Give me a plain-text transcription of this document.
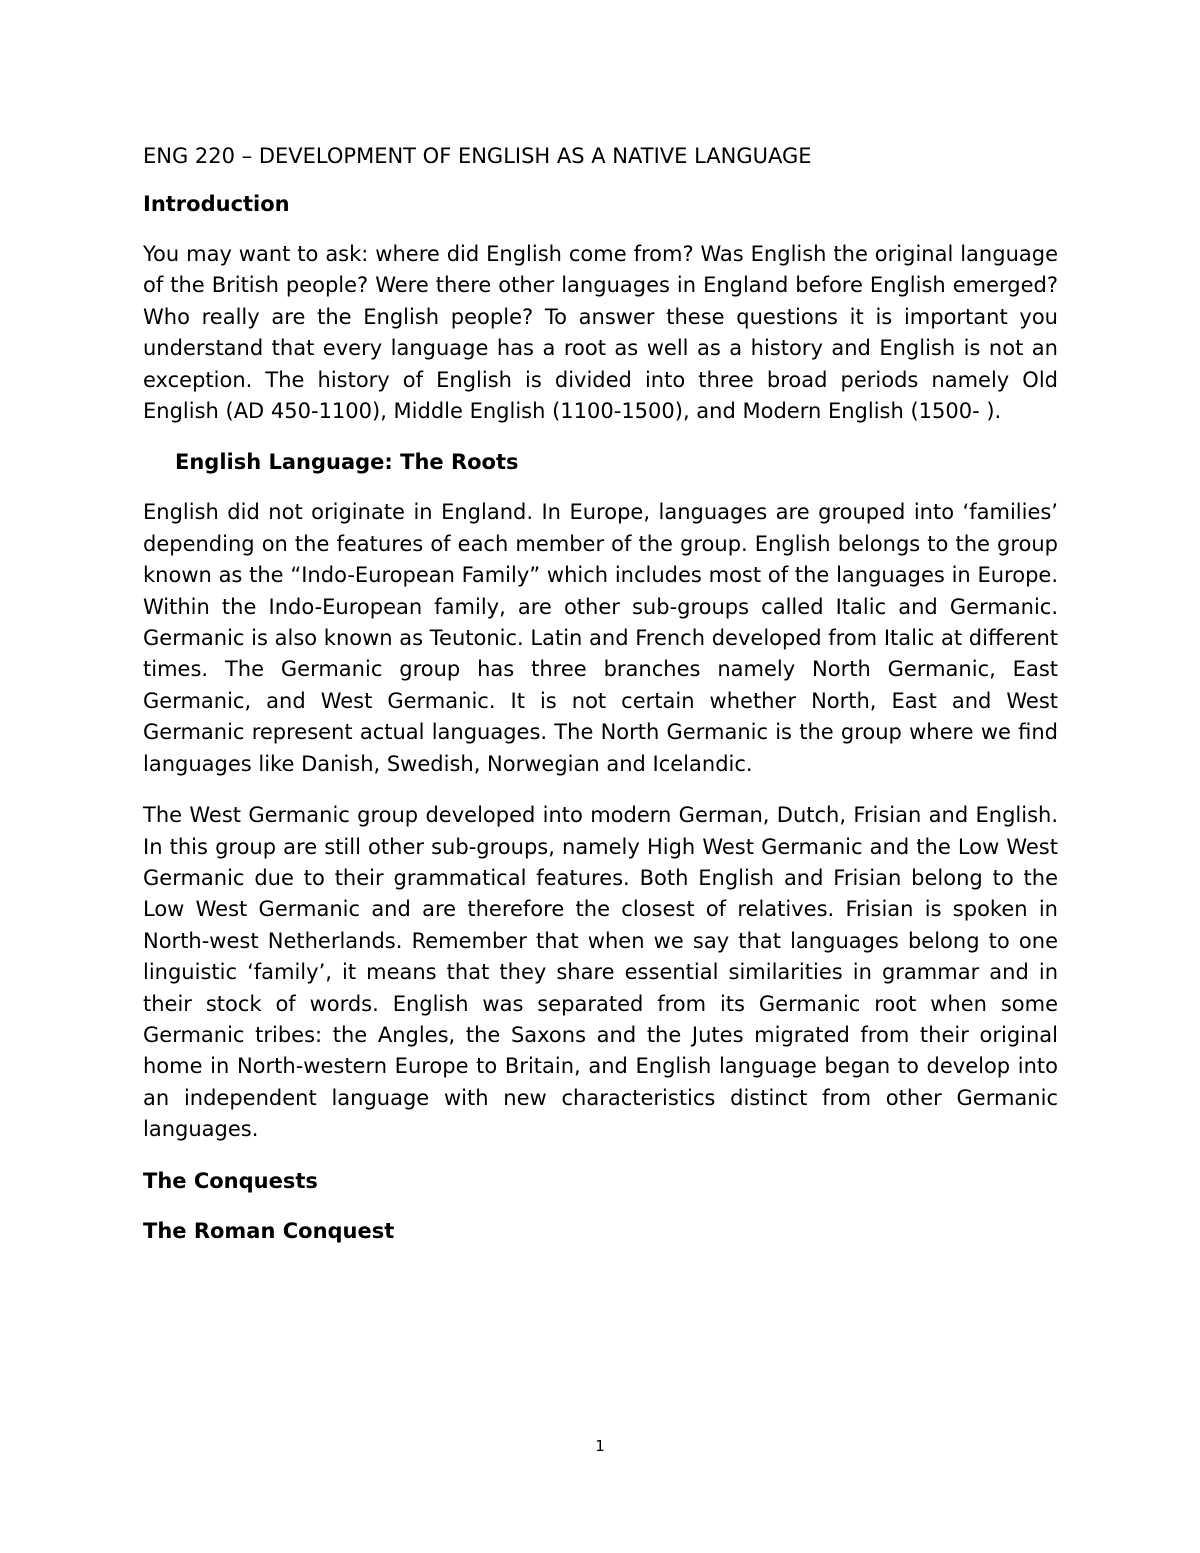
ENG 220 – DEVELOPMENT OF ENGLISH AS A NATIVE LANGUAGE
Introduction

You may want to ask: where did English come from? Was English the original language of the British people? Were there other languages in England before English emerged? Who really are the English people? To answer these questions it is important you understand that every language has a root as well as a history and English is not an exception. The history of English is divided into three broad periods namely Old English (AD 450-1100), Middle English (1100-1500), and Modern English (1500- ).

English Language: The Roots

English did not originate in England. In Europe, languages are grouped into ‘families’ depending on the features of each member of the group. English belongs to the group known as the “Indo-European Family” which includes most of the languages in Europe. Within the Indo-European family, are other sub-groups called Italic and Germanic. Germanic is also known as Teutonic. Latin and French developed from Italic at different times. The Germanic group has three branches namely North Germanic, East Germanic, and West Germanic. It is not certain whether North, East and West Germanic represent actual languages. The North Germanic is the group where we find languages like Danish, Swedish, Norwegian and Icelandic.

The West Germanic group developed into modern German, Dutch, Frisian and English. In this group are still other sub-groups, namely High West Germanic and the Low West Germanic due to their grammatical features. Both English and Frisian belong to the Low West Germanic and are therefore the closest of relatives. Frisian is spoken in North-west Netherlands. Remember that when we say that languages belong to one linguistic ‘family’, it means that they share essential similarities in grammar and in their stock of words. English was separated from its Germanic root when some Germanic tribes: the Angles, the Saxons and the Jutes migrated from their original home in North-western Europe to Britain, and English language began to develop into an independent language with new characteristics distinct from other Germanic languages.

The Conquests
The Roman Conquest
1
